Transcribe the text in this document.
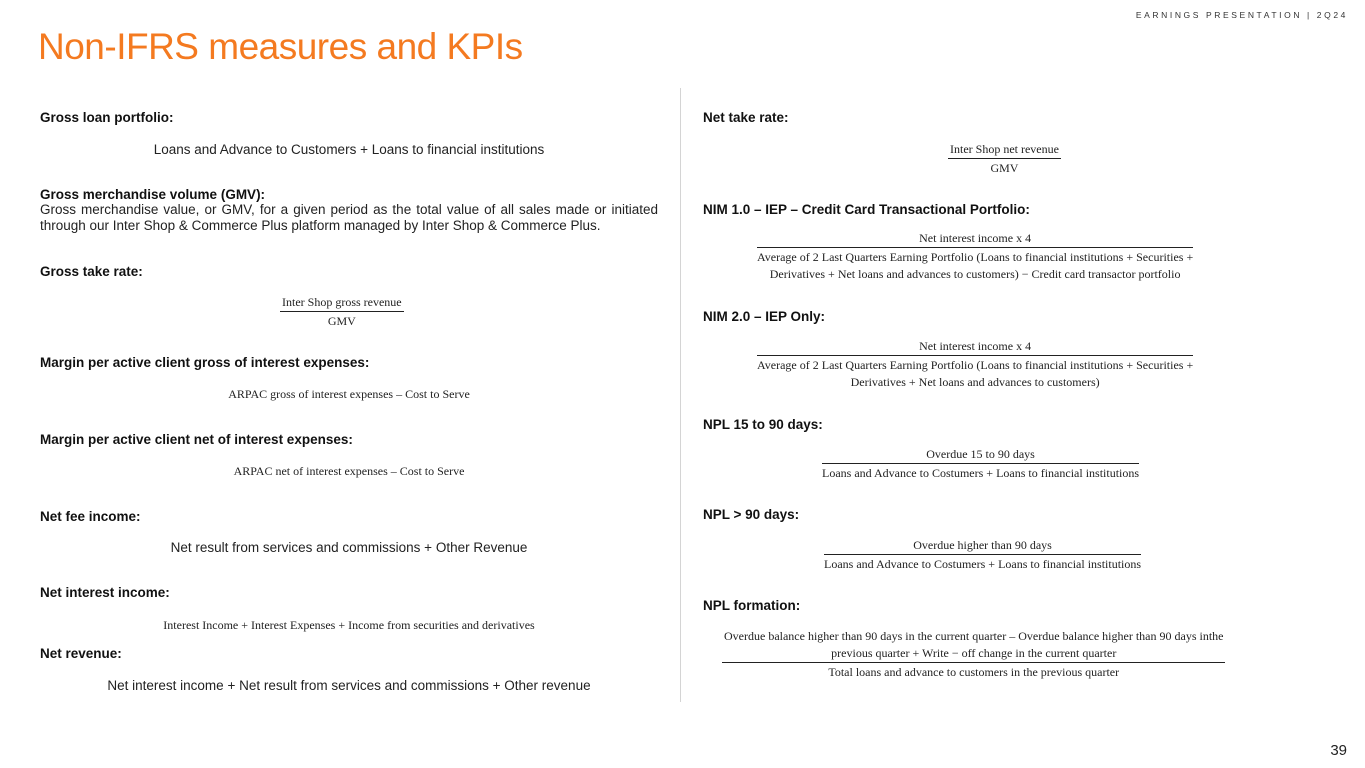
EARNINGS PRESENTATION | 2Q24
Non-IFRS measures and KPIs
39
Gross loan portfolio:
Loans and Advance to Customers + Loans to financial institutions
Gross merchandise volume (GMV):
Gross merchandise value, or GMV, for a given period as the total value of all sales made or initiated through our Inter Shop & Commerce Plus platform managed by Inter Shop & Commerce Plus.
Gross take rate:
Inter Shop gross revenue
GMV
Margin per active client gross of interest expenses:
ARPAC gross of interest expenses – Cost to Serve
Margin per active client net of interest expenses:
ARPAC net of interest expenses – Cost to Serve
Net fee income:
Net result from services and commissions + Other Revenue
Net interest income:
Interest Income + Interest Expenses + Income from securities and derivatives
Net revenue:
Net interest income + Net result from services and commissions + Other revenue
Net take rate:
Inter Shop net revenue
GMV
NIM 1.0 – IEP – Credit Card Transactional Portfolio:
Net interest income x 4
Average of 2 Last Quarters Earning Portfolio (Loans to financial institutions + Securities +
Derivatives + Net loans and advances to customers) − Credit card transactor portfolio
NIM 2.0 – IEP Only:
Net interest income x 4
Average of 2 Last Quarters Earning Portfolio (Loans to financial institutions + Securities +
Derivatives + Net loans and advances to customers)
NPL 15 to 90 days:
Overdue 15 to 90 days
Loans and Advance to Costumers + Loans to financial institutions
NPL > 90 days:
Overdue higher than 90 days
Loans and Advance to Costumers + Loans to financial institutions
NPL formation:
Overdue balance higher than 90 days in the current quarter – Overdue balance higher than 90 days inthe
previous quarter + Write − off change in the current quarter
Total loans and advance to customers in the previous quarter
